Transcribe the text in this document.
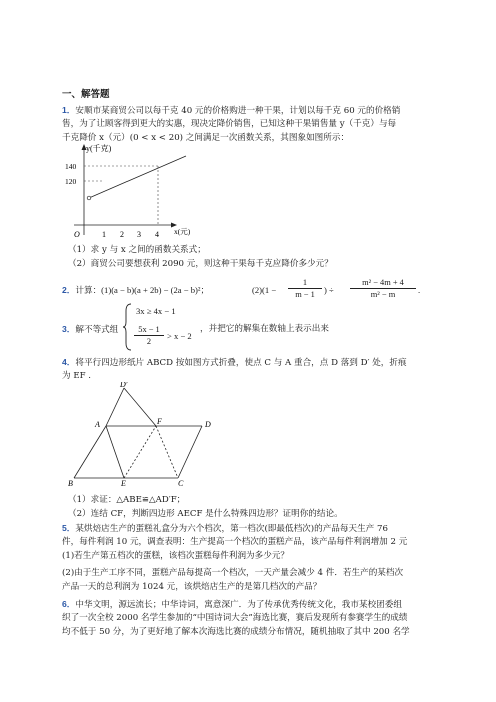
一、解答题
1．安顺市某商贸公司以每千克 40 元的价格购进一种干果，计划以每千克 60 元的价格销
售，为了让顾客得到更大的实惠，现决定降价销售，已知这种干果销售量 y（千克）与每
千克降价 x（元）(0 < x < 20) 之间满足一次函数关系，其图象如图所示：
y(千克)
x(元)
O
140
120
1 2 3 4
（1）求 y 与 x 之间的函数关系式；
（2）商贸公司要想获利 2090 元，则这种干果每千克应降价多少元？
2．计算：(1)(a − b)(a + 2b) − (2a − b)²；	(2)(1 −
1
m − 1	) ÷
m² − 4m + 4
m² − m	.
3．解不等式组
3x ≥ 4x − 1
5x − 1
2
> x − 2
，并把它的解集在数轴上表示出来
4．将平行四边形纸片 ABCD 按如图方式折叠，使点 C 与 A 重合，点 D 落到 D′ 处，折痕
为 EF .
D′
A	F	D
B	E	C
（1）求证：△ABE≌△AD′F；
（2）连结 CF，判断四边形 AECF 是什么特殊四边形？证明你的结论。
5．某烘焙店生产的蛋糕礼盒分为六个档次，第一档次(即最低档次)的产品每天生产 76
件，每件利润 10 元，调查表明：生产提高一个档次的蛋糕产品，该产品每件利润增加 2 元
(1)若生产第五档次的蛋糕，该档次蛋糕每件利润为多少元？
(2)由于生产工序不同，蛋糕产品每提高一个档次，一天产量会减少 4 件．若生产的某档次
产品一天的总利润为 1024 元，该烘焙店生产的是第几档次的产品？
6．中华文明，源远流长；中华诗词，寓意深广．为了传承优秀传统文化，我市某校团委组
织了一次全校 2000 名学生参加的“中国诗词大会”海选比赛，赛后发现所有参赛学生的成绩
均不低于 50 分，为了更好地了解本次海选比赛的成绩分布情况，随机抽取了其中 200 名学
